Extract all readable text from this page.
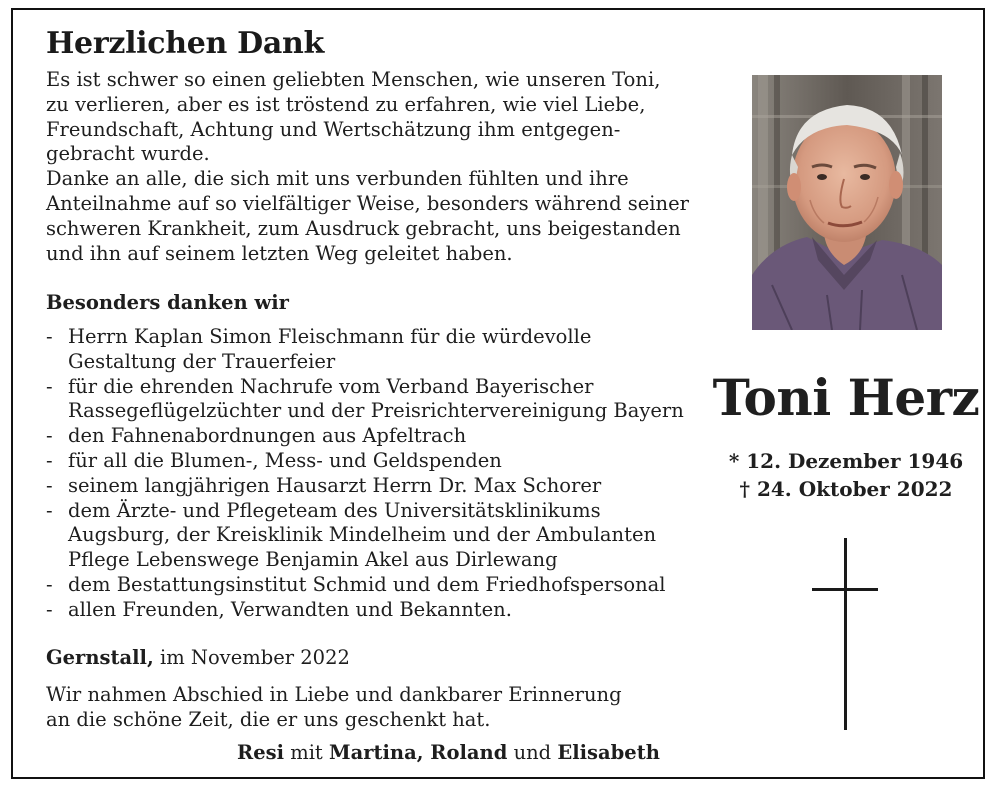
Herzlichen Dank
Es ist schwer so einen geliebten Menschen, wie unseren Toni,
zu verlieren, aber es ist tröstend zu erfahren, wie viel Liebe,
Freundschaft, Achtung und Wertschätzung ihm entgegen-
gebracht wurde.
Danke an alle, die sich mit uns verbunden fühlten und ihre
Anteilnahme auf so vielfältiger Weise, besonders während seiner
schweren Krankheit, zum Ausdruck gebracht, uns beigestanden
und ihn auf seinem letzten Weg geleitet haben.
Besonders danken wir
- Herrn Kaplan Simon Fleischmann für die würdevolle
Gestaltung der Trauerfeier
- für die ehrenden Nachrufe vom Verband Bayerischer
Rassegeflügelzüchter und der Preisrichtervereinigung Bayern
- den Fahnenabordnungen aus Apfeltrach
- für all die Blumen-, Mess- und Geldspenden
- seinem langjährigen Hausarzt Herrn Dr. Max Schorer
- dem Ärzte- und Pflegeteam des Universitätsklinikums
Augsburg, der Kreisklinik Mindelheim und der Ambulanten
Pflege Lebenswege Benjamin Akel aus Dirlewang
- dem Bestattungsinstitut Schmid und dem Friedhofspersonal
- allen Freunden, Verwandten und Bekannten.
Gernstall, im November 2022
Wir nahmen Abschied in Liebe und dankbarer Erinnerung
an die schöne Zeit, die er uns geschenkt hat.
Resi mit Martina, Roland und Elisabeth
Toni Herz
* 12. Dezember 1946
† 24. Oktober 2022
